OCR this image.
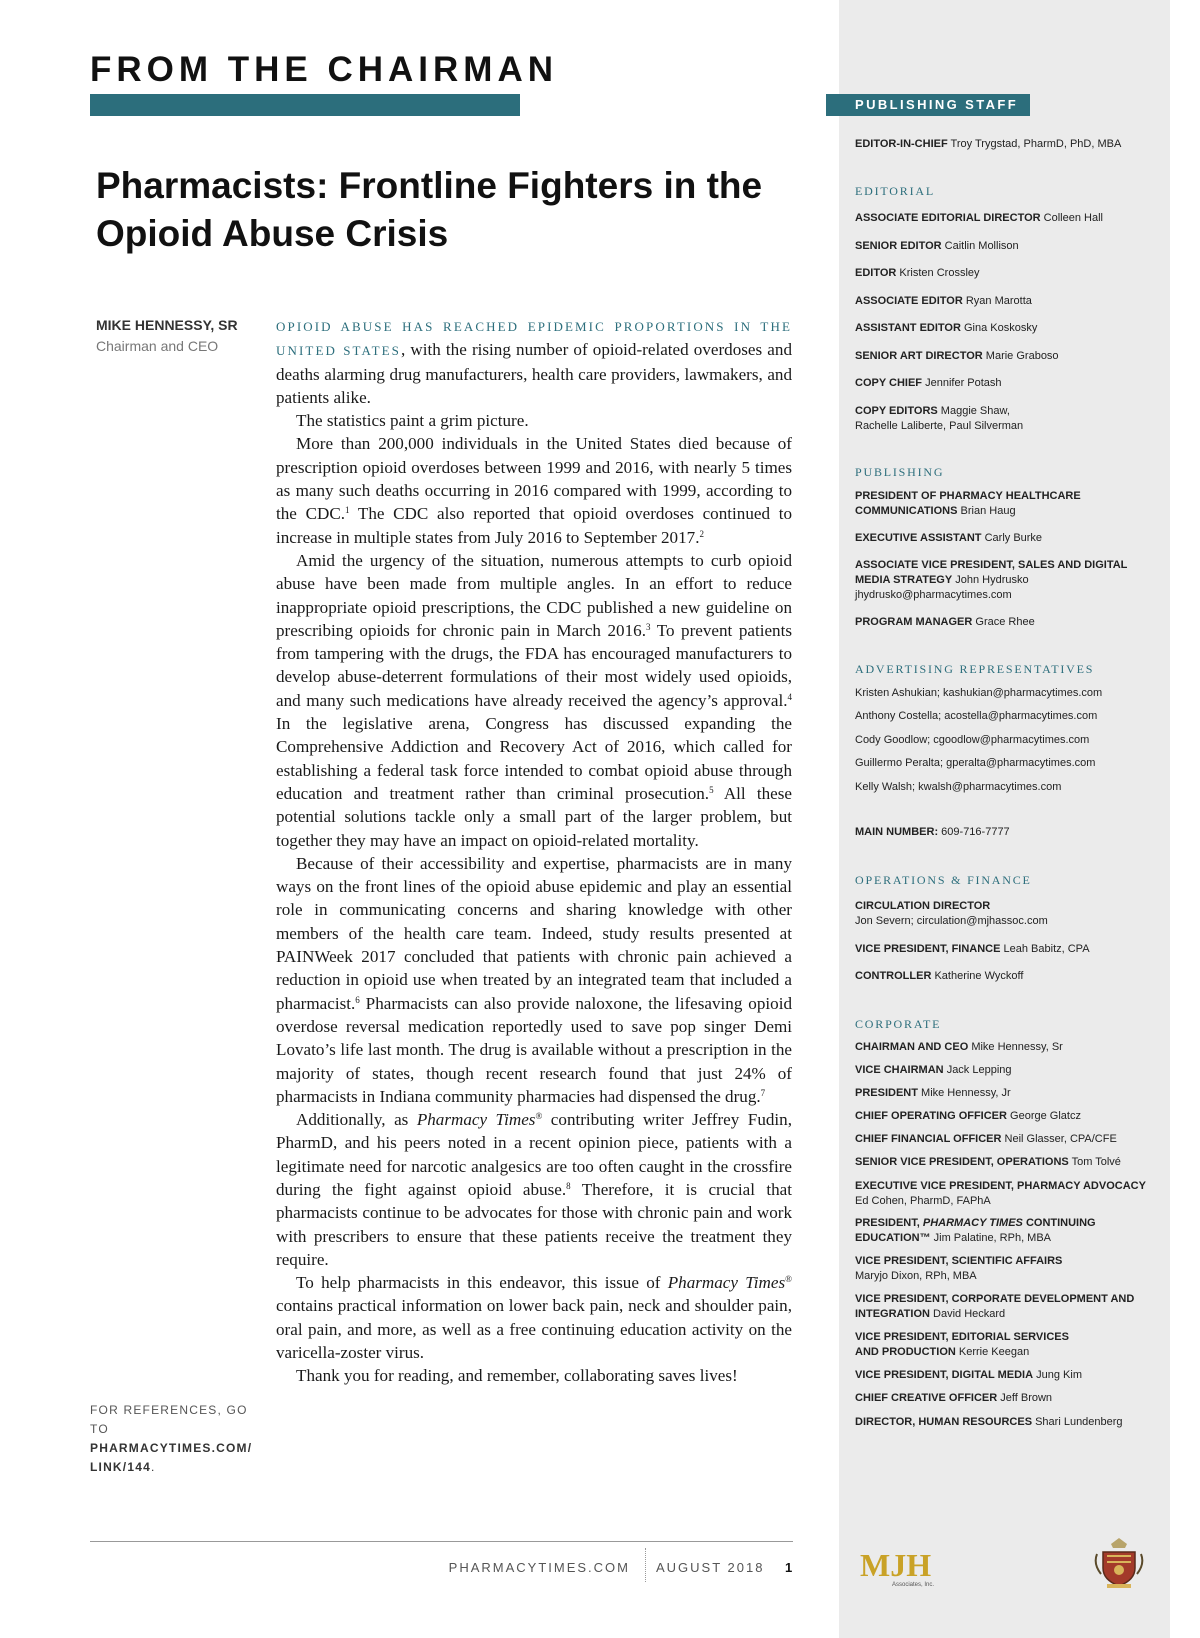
FROM THE CHAIRMAN
Pharmacists: Frontline Fighters in the Opioid Abuse Crisis
MIKE HENNESSY, SR
Chairman and CEO

OPIOID ABUSE HAS REACHED EPIDEMIC PROPORTIONS IN THE UNITED STATES, with the rising number of opioid-related overdoses and deaths alarming drug manufacturers, health care providers, lawmakers, and patients alike.

The statistics paint a grim picture.

More than 200,000 individuals in the United States died because of prescription opioid overdoses between 1999 and 2016, with nearly 5 times as many such deaths occurring in 2016 compared with 1999, according to the CDC.$^1$ The CDC also reported that opioid overdoses continued to increase in multiple states from July 2016 to September 2017.$^2$

Amid the urgency of the situation, numerous attempts to curb opioid abuse have been made from multiple angles. In an effort to reduce inappropriate opioid prescriptions, the CDC published a new guideline on prescribing opioids for chronic pain in March 2016.$^3$ To prevent patients from tampering with the drugs, the FDA has encouraged manufacturers to develop abuse-deterrent formulations of their most widely used opioids, and many such medications have already received the agency’s approval.$^4$ In the legislative arena, Congress has discussed expanding the Comprehensive Addiction and Recovery Act of 2016, which called for establishing a federal task force intended to combat opioid abuse through education and treatment rather than criminal prosecution.$^5$ All these potential solutions tackle only a small part of the larger problem, but together they may have an impact on opioid-related mortality.

Because of their accessibility and expertise, pharmacists are in many ways on the front lines of the opioid abuse epidemic and play an essential role in communicating concerns and sharing knowledge with other members of the health care team. Indeed, study results presented at PAINWeek 2017 concluded that patients with chronic pain achieved a reduction in opioid use when treated by an integrated team that included a pharmacist.$^6$ Pharmacists can also provide naloxone, the lifesaving opioid overdose reversal medication reportedly used to save pop singer Demi Lovato’s life last month. The drug is available without a prescription in the majority of states, though recent research found that just 24% of pharmacists in Indiana community pharmacies had dispensed the drug.$^7$

Additionally, as Pharmacy Times® contributing writer Jeffrey Fudin, PharmD, and his peers noted in a recent opinion piece, patients with a legitimate need for narcotic analgesics are too often caught in the crossfire during the fight against opioid abuse.$^8$ Therefore, it is crucial that pharmacists continue to be advocates for those with chronic pain and work with prescribers to ensure that these patients receive the treatment they require.

To help pharmacists in this endeavor, this issue of Pharmacy Times® contains practical information on lower back pain, neck and shoulder pain, oral pain, and more, as well as a free continuing education activity on the varicella-zoster virus.

Thank you for reading, and remember, collaborating saves lives!

FOR REFERENCES, GO TO
PHARMACYTIMES.COM/ LINK/144.
PHARMACYTIMES.COM AUGUST 2018 1
PUBLISHING STAFF
EDITOR-IN-CHIEF Troy Trygstad, PharmD, PhD, MBA
EDITORIAL
ASSOCIATE EDITORIAL DIRECTOR Colleen Hall
SENIOR EDITOR Caitlin Mollison
EDITOR Kristen Crossley
ASSOCIATE EDITOR Ryan Marotta
ASSISTANT EDITOR Gina Koskosky
SENIOR ART DIRECTOR Marie Graboso
COPY CHIEF Jennifer Potash
COPY EDITORS Maggie Shaw,
Rachelle Laliberte, Paul Silverman
PUBLISHING
PRESIDENT OF PHARMACY HEALTHCARE
COMMUNICATIONS Brian Haug
EXECUTIVE ASSISTANT Carly Burke
ASSOCIATE VICE PRESIDENT, SALES AND DIGITAL
MEDIA STRATEGY John Hydrusko
jhydrusko@pharmacytimes.com
PROGRAM MANAGER Grace Rhee
ADVERTISING REPRESENTATIVES
Kristen Ashukian; kashukian@pharmacytimes.com
Anthony Costella; acostella@pharmacytimes.com
Cody Goodlow; cgoodlow@pharmacytimes.com
Guillermo Peralta; gperalta@pharmacytimes.com
Kelly Walsh; kwalsh@pharmacytimes.com
MAIN NUMBER: 609-716-7777
OPERATIONS & FINANCE
CIRCULATION DIRECTOR
Jon Severn; circulation@mjhassoc.com
VICE PRESIDENT, FINANCE Leah Babitz, CPA
CONTROLLER Katherine Wyckoff
CORPORATE
CHAIRMAN AND CEO Mike Hennessy, Sr
VICE CHAIRMAN Jack Lepping
PRESIDENT Mike Hennessy, Jr
CHIEF OPERATING OFFICER George Glatcz
CHIEF FINANCIAL OFFICER Neil Glasser, CPA/CFE
SENIOR VICE PRESIDENT, OPERATIONS Tom Tolvé
EXECUTIVE VICE PRESIDENT, PHARMACY ADVOCACY
Ed Cohen, PharmD, FAPhA
PRESIDENT, PHARMACY TIMES CONTINUING
EDUCATION™ Jim Palatine, RPh, MBA
VICE PRESIDENT, SCIENTIFIC AFFAIRS
Maryjo Dixon, RPh, MBA
VICE PRESIDENT, CORPORATE DEVELOPMENT AND
INTEGRATION David Heckard
VICE PRESIDENT, EDITORIAL SERVICES
AND PRODUCTION Kerrie Keegan
VICE PRESIDENT, DIGITAL MEDIA Jung Kim
CHIEF CREATIVE OFFICER Jeff Brown
DIRECTOR, HUMAN RESOURCES Shari Lundenberg
MJH
Associates, Inc.
